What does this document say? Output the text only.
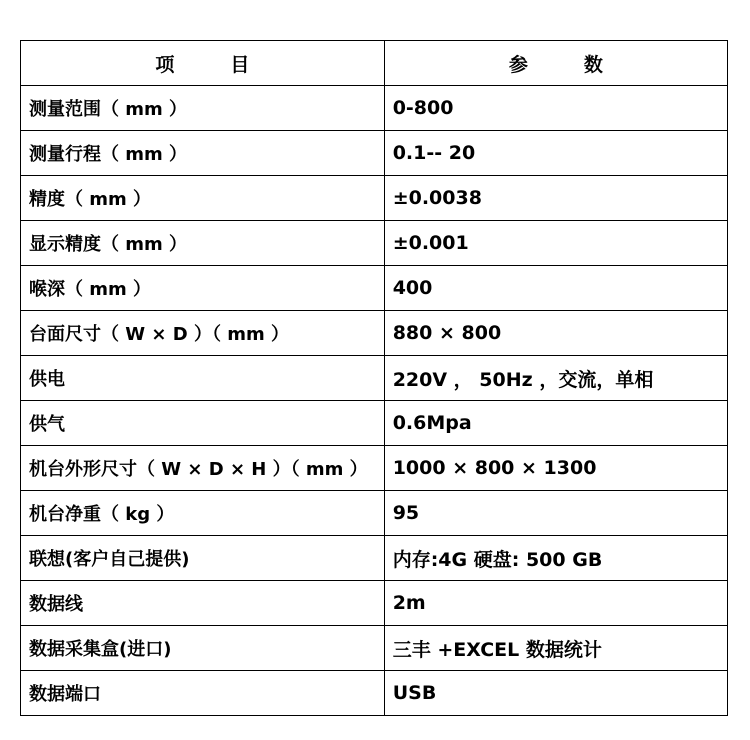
项目	参数
测量范围（ mm ）	0-800
测量行程（ mm ）	0.1-- 20
精度（ mm ）	±0.0038
显示精度（ mm ）	±0.001
喉深（ mm ）	400
台面尺寸（ W × D ）（ mm ）	880 × 800
供电	220V ， 50Hz ，交流，单相
供气	0.6Mpa
机台外形尺寸（ W × D × H ）（ mm ）	1000 × 800 × 1300
机台净重（ kg ）	95
联想(客户自己提供)	内存:4G 硬盘: 500 GB
数据线	2m
数据采集盒(进口)	三丰 +EXCEL 数据统计
数据端口	USB
